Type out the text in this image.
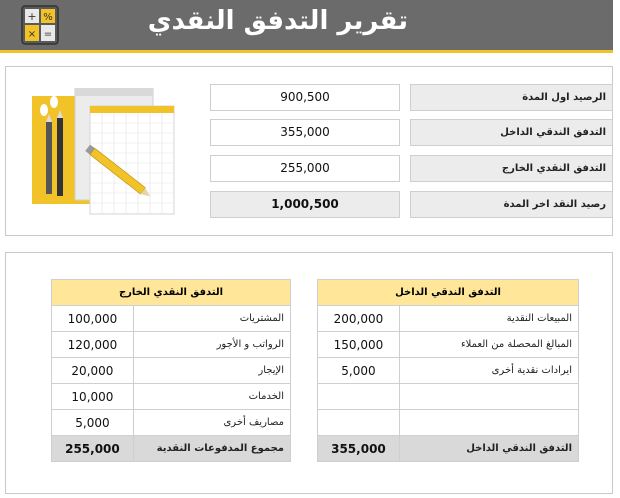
+ %
× =	تقرير التدفق النقدي
الرصيد اول المدة
900,500
التدفق الندقي الداخل
355,000
التدفق النقدي الخارج
255,000
رصيد النقد اخر المدة
1,000,500
التدفق النقدي الخارج	
100,000	المشتريات
120,000	الرواتب و الأجور
20,000	الإيجار
10,000	الخدمات
5,000	مصاريف أخرى
255,000	مجموع المدفوعات النقدية
التدفق الندقي الداخل	
200,000	المبيعات النقدية
150,000	المبالغ المحصلة من العملاء
5,000	ايرادات نقدية أخرى

355,000	التدفق الندقي الداخل
